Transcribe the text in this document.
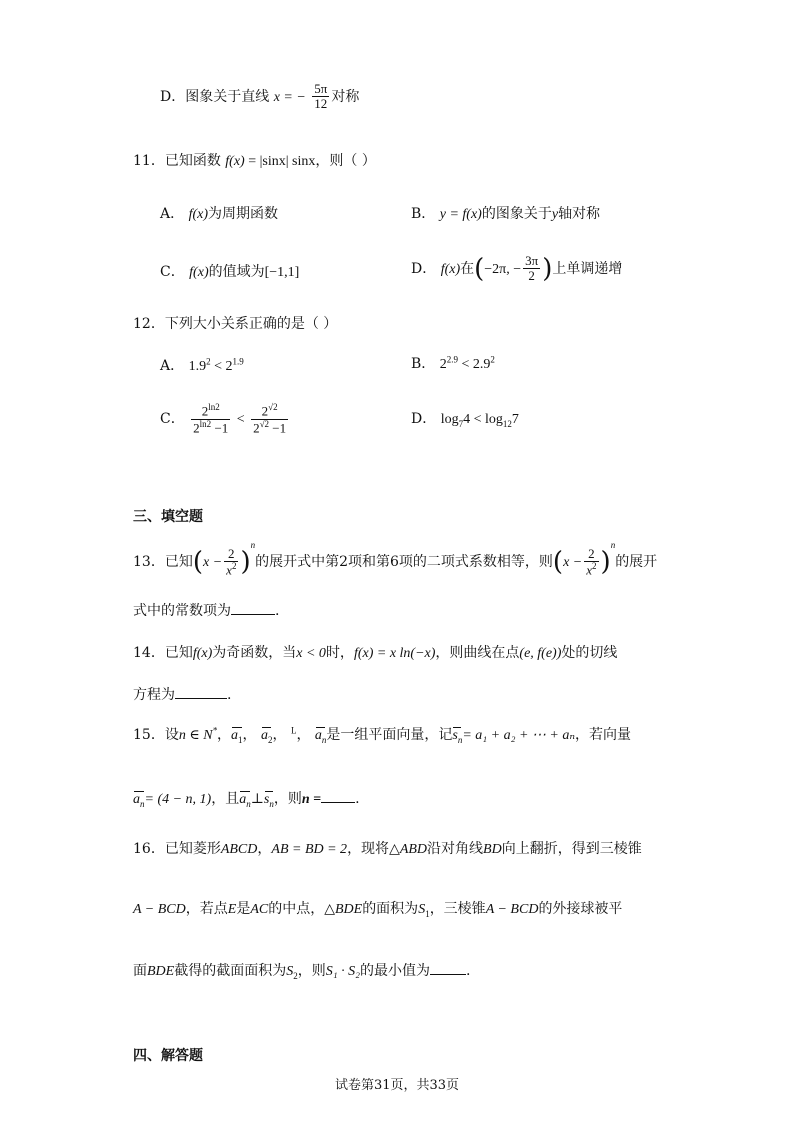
D．图象关于直线 x = − $\frac{5\pi}{12}$ 对称
11．已知函数 f(x) = |sinx| sinx，则（ ）
A． f(x)为周期函数	B． y = f(x)的图象关于y轴对称
C． f(x)的值域为[−1,1]	D． f(x)在(−2π, − $\frac{3\pi}{2}$ )上单调递增
12．下列大小关系正确的是（ ）
A． $1.9^2 < 2^{1.9}$	B． $2^{2.9} < 2.9^2$
C． $\frac{2^{ln2}}{2^{ln2} -1} < \frac{2^{√2}}{2^{√2} -1}$	D． $\log_74 < \log_{12}7$
三、填空题
13．已知$(x - \frac{2}{x^2} )^n$的展开式中第2项和第6项的二项式系数相等，则$(x - \frac{2}{x^2} )^n$的展开
式中的常数项为	.
14．已知f(x)为奇函数，当x < 0时，f(x) = x ln(−x)，则曲线在点(e, f(e))处的切线
方程为	.
15．设n ∈ N*，$a_1$， $a_2$， $^L$， $a_n$是一组平面向量，记$s_n= a_1 + a_2$ + ⋯ + aₙ，若向量
$a_n= (4 - n$, 1)，且$a_n\perp s_n$，则n = .
16．已知菱形ABCD，AB = BD = 2，现将△ABD沿对角线BD向上翻折，得到三棱锥
A − BCD，若点E是AC的中点，△BDE的面积为$S_1$，三棱锥A − BCD的外接球被平
面BDE截得的截面面积为$S_2$，则S₁ · S₂的最小值为	.
四、解答题
试卷第31页，共33页
